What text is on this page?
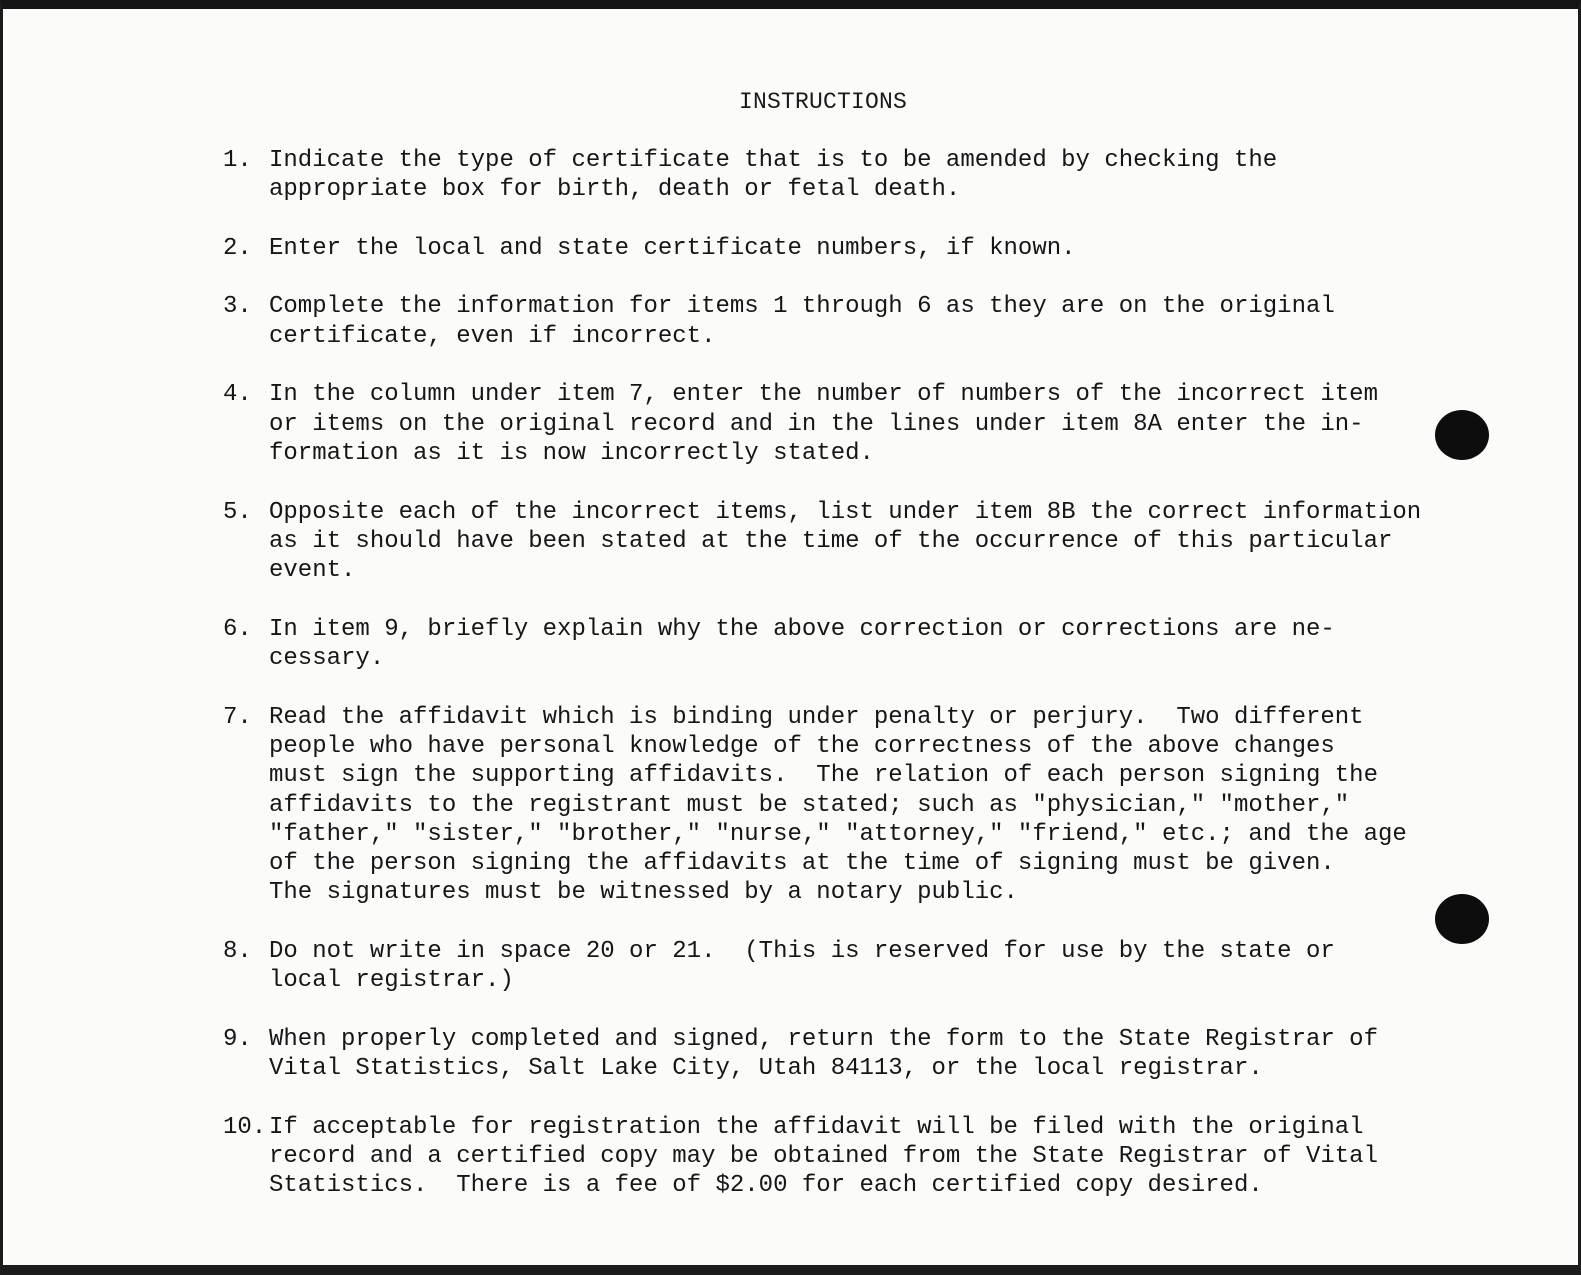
INSTRUCTIONS
1. Indicate the type of certificate that is to be amended by checking the
appropriate box for birth, death or fetal death.
2. Enter the local and state certificate numbers, if known.
3. Complete the information for items 1 through 6 as they are on the original
certificate, even if incorrect.
4. In the column under item 7, enter the number of numbers of the incorrect item
or items on the original record and in the lines under item 8A enter the in-
formation as it is now incorrectly stated.
5. Opposite each of the incorrect items, list under item 8B the correct information
as it should have been stated at the time of the occurrence of this particular
event.
6. In item 9, briefly explain why the above correction or corrections are ne-
cessary.
7. Read the affidavit which is binding under penalty or perjury.  Two different
people who have personal knowledge of the correctness of the above changes
must sign the supporting affidavits.  The relation of each person signing the
affidavits to the registrant must be stated; such as "physician," "mother,"
"father," "sister," "brother," "nurse," "attorney," "friend," etc.; and the age
of the person signing the affidavits at the time of signing must be given.
The signatures must be witnessed by a notary public.
8. Do not write in space 20 or 21.  (This is reserved for use by the state or
local registrar.)
9. When properly completed and signed, return the form to the State Registrar of
Vital Statistics, Salt Lake City, Utah 84113, or the local registrar.
10. If acceptable for registration the affidavit will be filed with the original
record and a certified copy may be obtained from the State Registrar of Vital
Statistics.  There is a fee of $2.00 for each certified copy desired.
